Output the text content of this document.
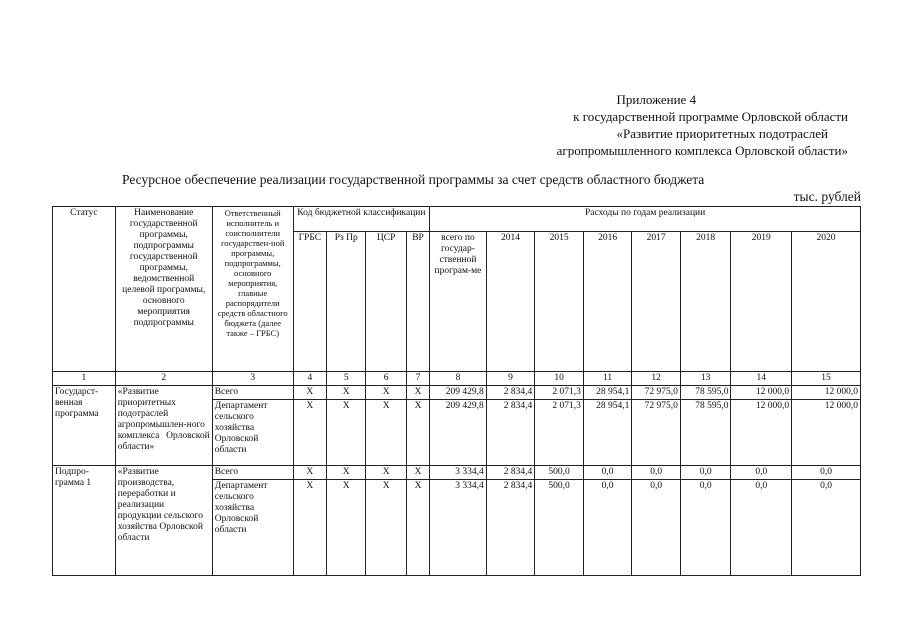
Приложение 4
к государственной программе Орловской области
«Развитие приоритетных подотраслей
агропромышленного комплекса Орловской области»
Ресурсное обеспечение реализации государственной программы за счет средств областного бюджета
тыс. рублей
Статус	Наименование государственной программы, подпрограммы государственной программы, ведомственной целевой программы, основного мероприятия подпрограммы	Ответственный исполнитель и соисполнители государствен-ной программы, подпрограммы, основного мероприятия, главные распорядители средств областного бюджета (далее также – ГРБС)	Код бюджетной классификации				Расходы по годам реализации							
			ГРБС	Рз Пр	ЦСР	ВР	всего по государ-ственной програм-ме	2014	2015	2016	2017	2018	2019	2020
1	2	3	4	5	6	7	8	9	10	11	12	13	14	15
Государст-венная программа	«Развитие приоритетных подотраслей агропромышлен-ного комплекса Орловской области»	Всего	X	X	X	X	209 429,8	2 834,4	2 071,3	28 954,1	72 975,0	78 595,0	12 000,0	12 000,0
		Департамент сельского хозяйства Орловской области	X	X	X	X	209 429,8	2 834,4	2 071,3	28 954,1	72 975,0	78 595,0	12 000,0	12 000,0
Подпро-грамма 1	«Развитие производства, переработки и реализации продукции сельского хозяйства Орловской области	Всего	X	X	X	X	3 334,4	2 834,4	500,0	0,0	0,0	0,0	0,0	0,0
		Департамент сельского хозяйства Орловской области	X	X	X	X	3 334,4	2 834,4	500,0	0,0	0,0	0,0	0,0	0,0
